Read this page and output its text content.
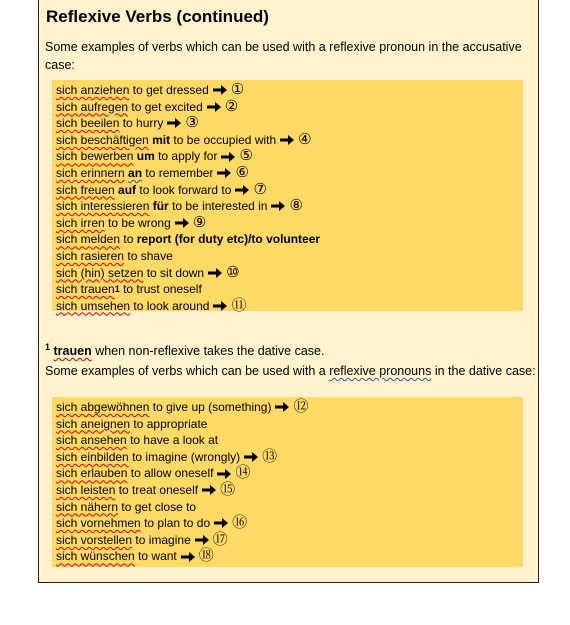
Reflexive Verbs (continued)

Some examples of verbs which can be used with a reflexive pronoun in the accusative case:

sich anziehen
to get dressed ①
sich aufregen
to get excited ②
sich beeilen
to hurry ③
sich beschäftigen
mit
to be occupied with ④
sich bewerben
um
to apply for ⑤
sich erinnern
an
to remember ⑥
sich freuen
auf
to look forward to ⑦
sich interessieren
für
to be interested in ⑧
sich irren
to be wrong ⑨
sich melden
to
report (for duty etc)/to volunteer
sich rasieren
to shave
sich (hin) setzen
to sit down ⑩
sich trauen 1
to trust oneself
sich umsehen
to look around ⑪

$^1$ trauen when non-reflexive takes the dative case.

Some examples of verbs which can be used with a reflexive pronouns in the dative case:

sich abgewöhnen
to give up (something) ⑫
sich aneignen
to appropriate
sich ansehen
to have a look at
sich einbilden
to imagine (wrongly) ⑬
sich erlauben
to allow oneself ⑭
sich leisten
to treat oneself ⑮
sich nähern
to get close to
sich vornehmen
to plan to do ⑯
sich vorstellen
to imagine ⑰
sich wünschen
to want ⑱
